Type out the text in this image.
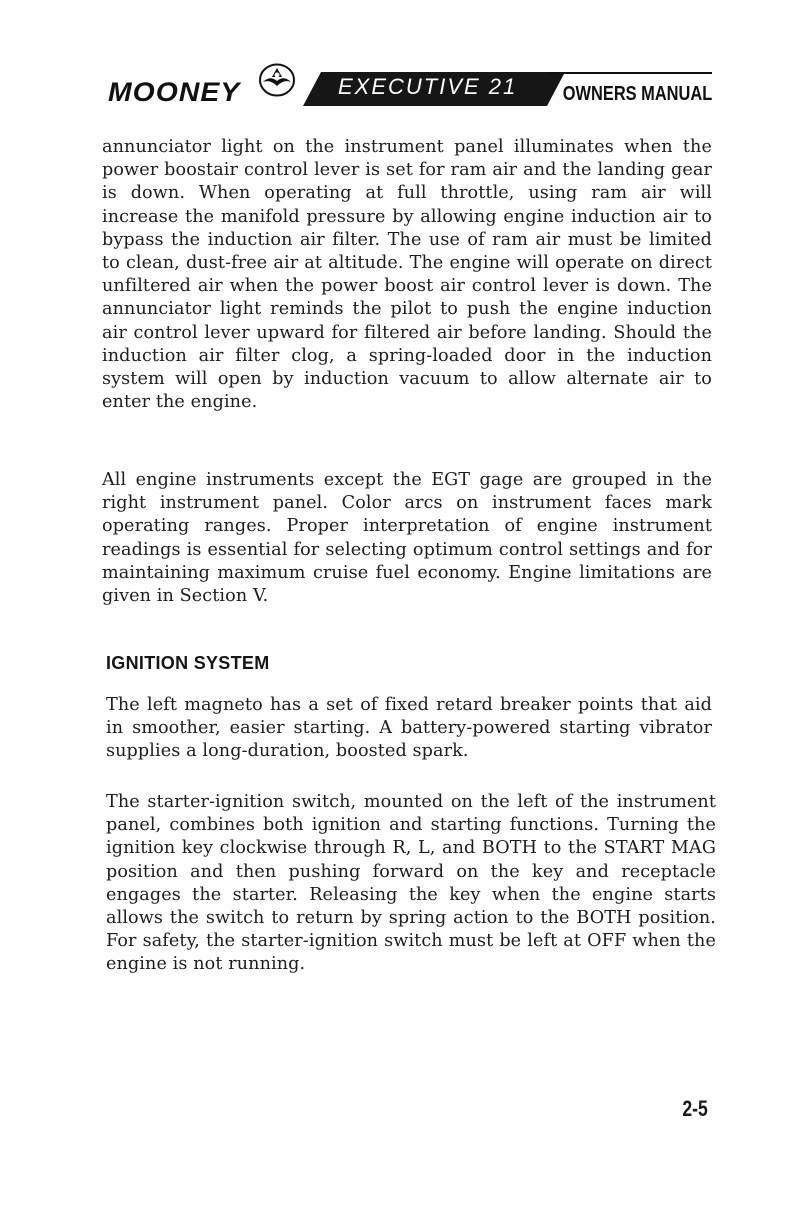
MOONEY	EXECUTIVE 21 OWNERS MANUAL

annunciator light on the instrument panel illuminates when the power boostair control lever is set for ram air and the landing gear is down. When operating at full throttle, using ram air will increase the manifold pressure by allowing engine induction air to bypass the induction air filter. The use of ram air must be limited to clean, dust-free air at altitude. The engine will operate on direct unfiltered air when the power boost air control lever is down. The annunciator light reminds the pilot to push the engine induction air control lever upward for filtered air before landing. Should the induction air filter clog, a spring-loaded door in the induction system will open by induction vacuum to allow alternate air to enter the engine.

All engine instruments except the EGT gage are grouped in the right instrument panel. Color arcs on instrument faces mark operating ranges. Proper interpretation of engine instrument readings is essential for selecting optimum control settings and for maintaining maximum cruise fuel economy. Engine limitations are given in Section V.

IGNITION SYSTEM

The left magneto has a set of fixed retard breaker points that aid in smoother, easier starting. A battery-powered starting vibrator supplies a long-duration, boosted spark.

The starter-ignition switch, mounted on the left of the instrument panel, combines both ignition and starting functions. Turning the ignition key clockwise through R, L, and BOTH to the START MAG position and then pushing forward on the key and receptacle engages the starter. Releasing the key when the engine starts allows the switch to return by spring action to the BOTH position. For safety, the starter-ignition switch must be left at OFF when the engine is not running.

2-5
